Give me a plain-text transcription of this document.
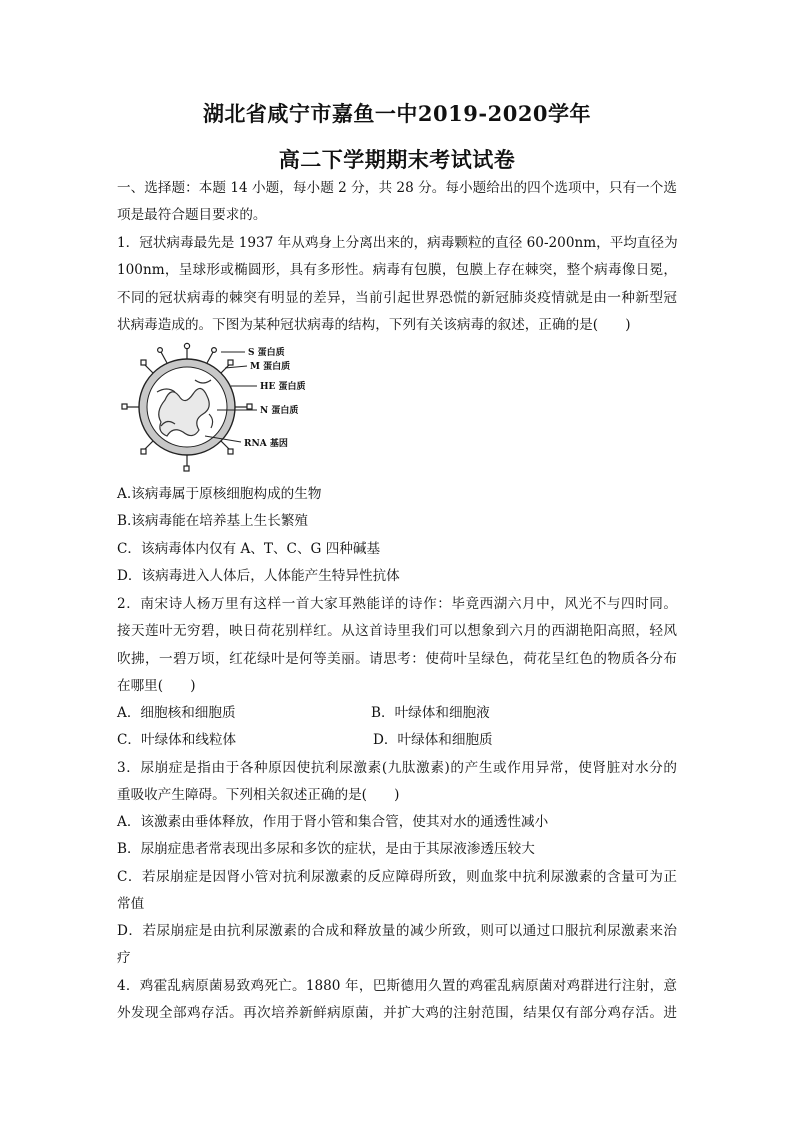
湖北省咸宁市嘉鱼一中2019-2020学年
高二下学期期末考试试卷
一、选择题：本题 14 小题，每小题 2 分，共 28 分。每小题给出的四个选项中，只有一个选
项是最符合题目要求的。
1．冠状病毒最先是 1937 年从鸡身上分离出来的，病毒颗粒的直径 60-200nm，平均直径为
100nm，呈球形或椭圆形，具有多形性。病毒有包膜，包膜上存在棘突，整个病毒像日冕，
不同的冠状病毒的棘突有明显的差异，当前引起世界恐慌的新冠肺炎疫情就是由一种新型冠
状病毒造成的。下图为某种冠状病毒的结构，下列有关该病毒的叙述，正确的是(　　)
S 蛋白质
M 蛋白质
HE 蛋白质
N 蛋白质
RNA 基因
A.该病毒属于原核细胞构成的生物
B.该病毒能在培养基上生长繁殖
C．该病毒体内仅有 A、T、C、G 四种碱基
D．该病毒进入人体后，人体能产生特异性抗体
2．南宋诗人杨万里有这样一首大家耳熟能详的诗作：毕竟西湖六月中，风光不与四时同。
接天莲叶无穷碧，映日荷花别样红。从这首诗里我们可以想象到六月的西湖艳阳高照，轻风
吹拂，一碧万顷，红花绿叶是何等美丽。请思考：使荷叶呈绿色，荷花呈红色的物质各分布
在哪里(　　)
A．细胞核和细胞质	B．叶绿体和细胞液
C．叶绿体和线粒体	D．叶绿体和细胞质
3．尿崩症是指由于各种原因使抗利尿激素(九肽激素)的产生或作用异常，使肾脏对水分的
重吸收产生障碍。下列相关叙述正确的是(　　)
A．该激素由垂体释放，作用于肾小管和集合管，使其对水的通透性减小
B．尿崩症患者常表现出多尿和多饮的症状，是由于其尿液渗透压较大
C．若尿崩症是因肾小管对抗利尿激素的反应障碍所致，则血浆中抗利尿激素的含量可为正
常值
D．若尿崩症是由抗利尿激素的合成和释放量的减少所致，则可以通过口服抗利尿激素来治
疗
4．鸡霍乱病原菌易致鸡死亡。1880 年，巴斯德用久置的鸡霍乱病原菌对鸡群进行注射，意
外发现全部鸡存活。再次培养新鲜病原菌，并扩大鸡的注射范围，结果仅有部分鸡存活。进
